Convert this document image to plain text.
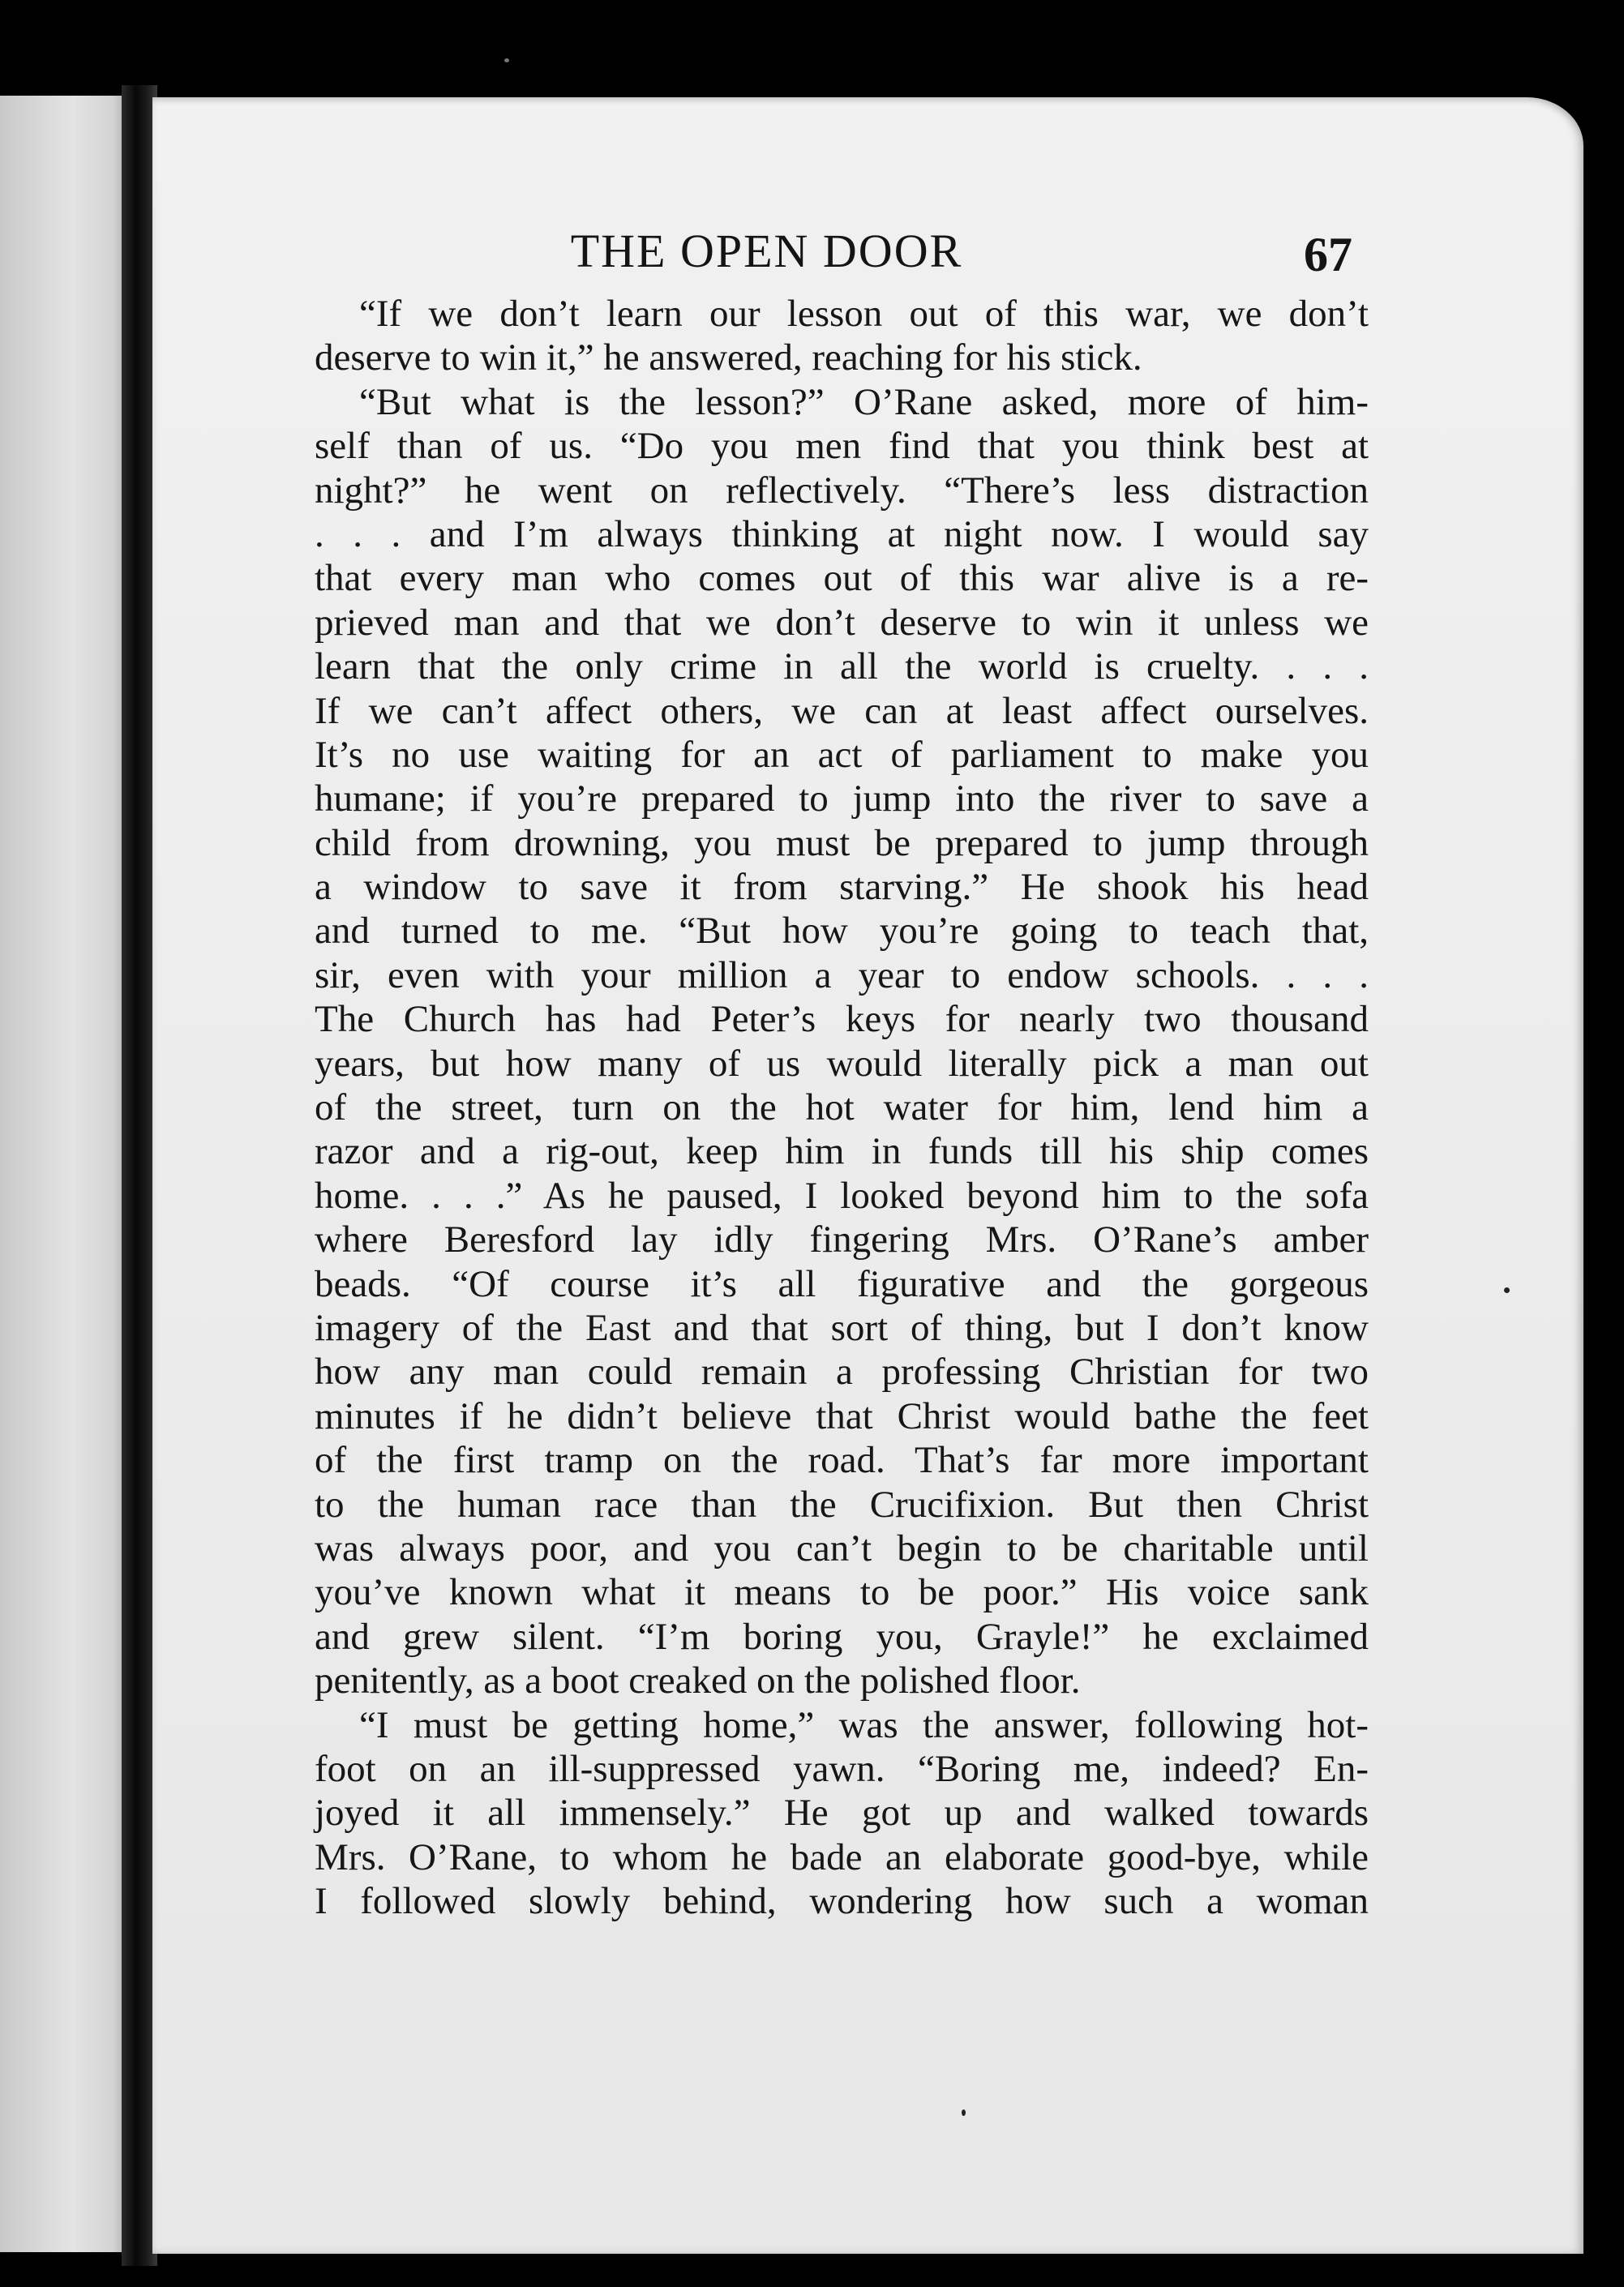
THE OPEN DOOR	67
“If we don’t learn our lesson out of this war, we don’t
deserve to win it,” he answered, reaching for his stick.
“But what is the lesson?” O’Rane asked, more of him-
self than of us. “Do you men find that you think best at
night?” he went on reflectively. “There’s less distraction
. . . and I’m always thinking at night now. I would say
that every man who comes out of this war alive is a re-
prieved man and that we don’t deserve to win it unless we
learn that the only crime in all the world is cruelty. . . .
If we can’t affect others, we can at least affect ourselves.
It’s no use waiting for an act of parliament to make you
humane; if you’re prepared to jump into the river to save a
child from drowning, you must be prepared to jump through
a window to save it from starving.” He shook his head
and turned to me. “But how you’re going to teach that,
sir, even with your million a year to endow schools. . . .
The Church has had Peter’s keys for nearly two thousand
years, but how many of us would literally pick a man out
of the street, turn on the hot water for him, lend him a
razor and a rig-out, keep him in funds till his ship comes
home. . . .” As he paused, I looked beyond him to the sofa
where Beresford lay idly fingering Mrs. O’Rane’s amber
beads. “Of course it’s all figurative and the gorgeous
imagery of the East and that sort of thing, but I don’t know
how any man could remain a professing Christian for two
minutes if he didn’t believe that Christ would bathe the feet
of the first tramp on the road. That’s far more important
to the human race than the Crucifixion. But then Christ
was always poor, and you can’t begin to be charitable until
you’ve known what it means to be poor.” His voice sank
and grew silent. “I’m boring you, Grayle!” he exclaimed
penitently, as a boot creaked on the polished floor.
“I must be getting home,” was the answer, following hot-
foot on an ill-suppressed yawn. “Boring me, indeed? En-
joyed it all immensely.” He got up and walked towards
Mrs. O’Rane, to whom he bade an elaborate good-bye, while
I followed slowly behind, wondering how such a woman
